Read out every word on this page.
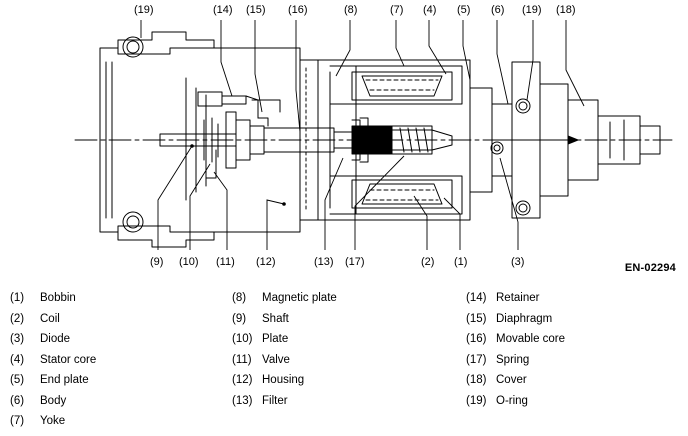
(19)	(14) (15) (16)	(8)	(7) (4) (5) (6) (19) (18)
(9) (10) (11) (12)	(13) (17)	(2) (1)	(3)	EN-02294
(1)	Bobbin
(2)	Coil
(3)	Diode
(4)	Stator core
(5)	End plate
(6)	Body
(7)	Yoke
(8)	Magnetic plate
(9)	Shaft
(10) Plate
(11) Valve
(12) Housing
(13) Filter
(14) Retainer
(15) Diaphragm
(16) Movable core
(17) Spring
(18) Cover
(19) O-ring
